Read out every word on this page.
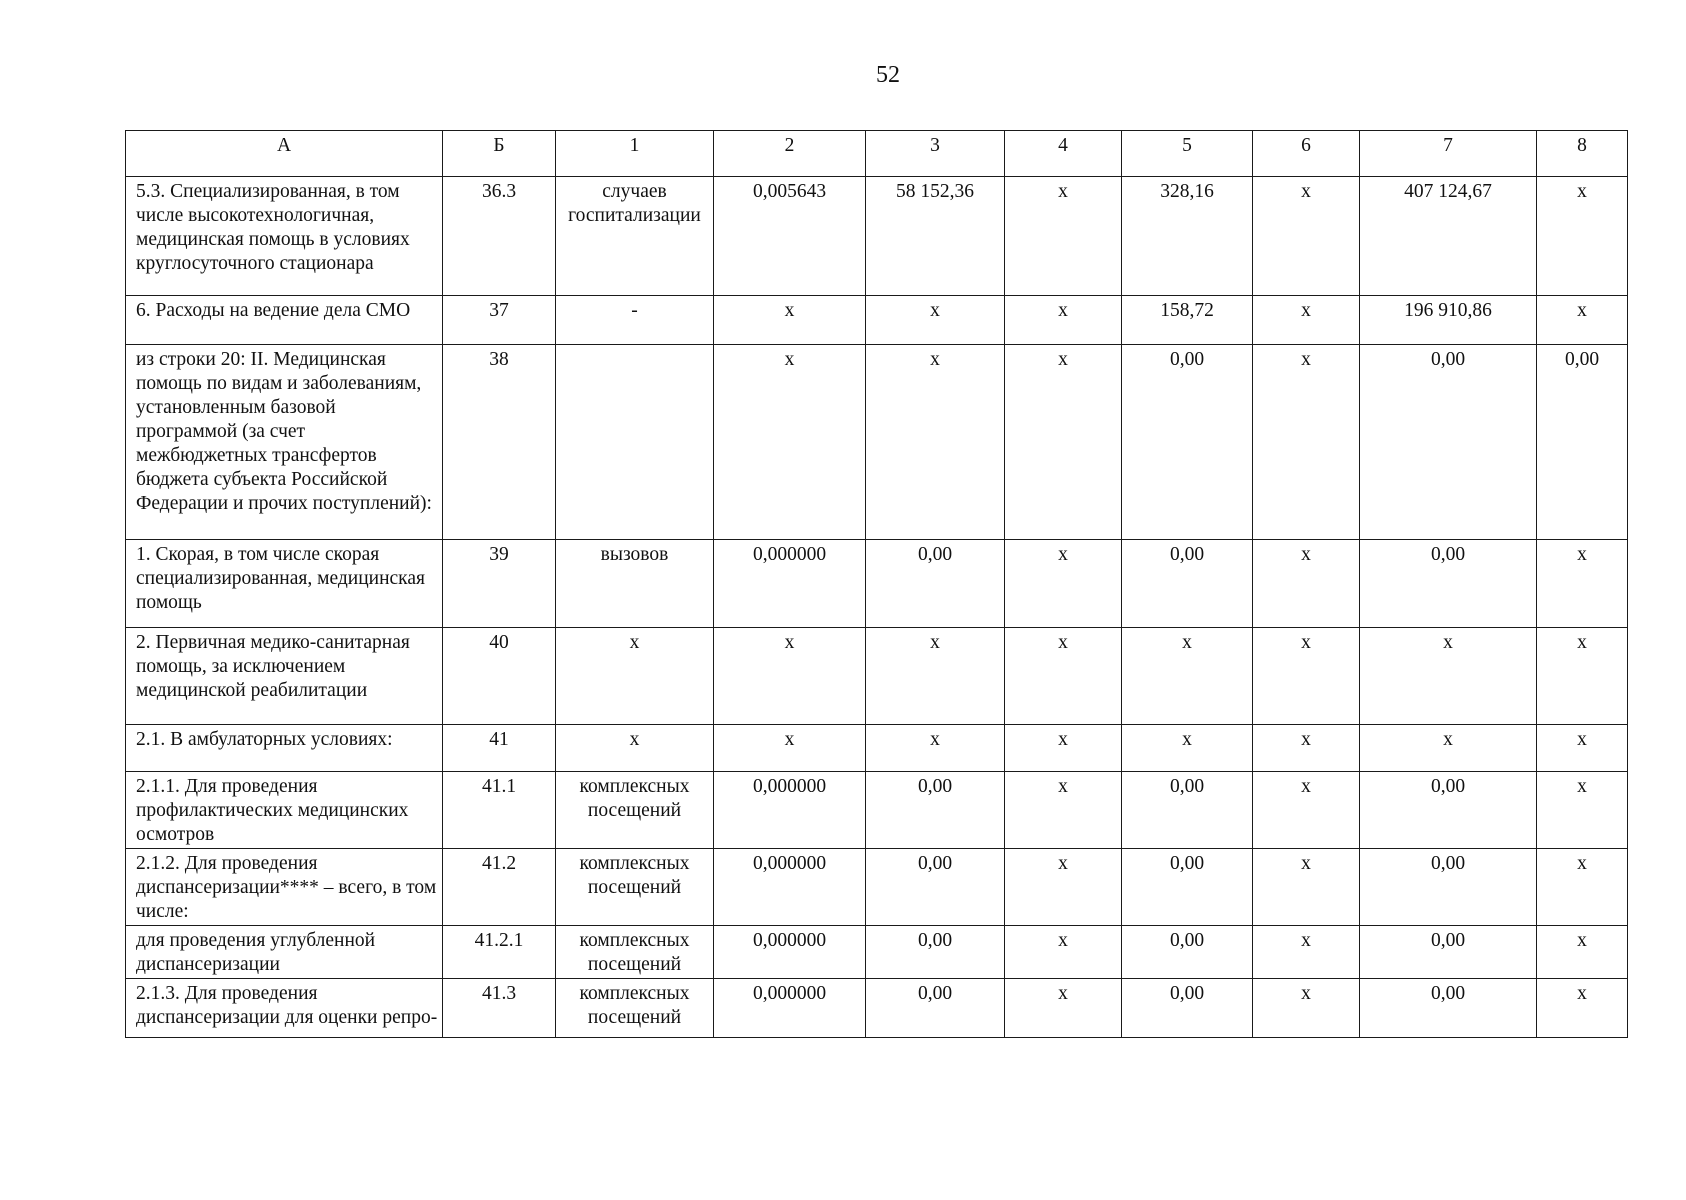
52
А	Б	1	2	3	4	5	6	7	8
5.3. Специализированная, в том числе высокотехнологичная, медицинская помощь в условиях круглосуточного стационара	36.3	случаев госпитализации	0,005643	58 152,36	х	328,16	х	407 124,67	х
6. Расходы на ведение дела СМО	37	-	х	х	х	158,72	х	196 910,86	х
из строки 20: II. Медицинская помощь по видам и заболеваниям, установленным базовой программой (за счет межбюджетных трансфертов бюджета субъекта Российской Федерации и прочих поступлений):	38		х	х	х	0,00	х	0,00	0,00
1. Скорая, в том числе скорая специализированная, медицинская помощь	39	вызовов	0,000000	0,00	х	0,00	х	0,00	х
2. Первичная медико-санитарная помощь, за исключением медицинской реабилитации	40	х	х	х	х	х	х	х	х
2.1. В амбулаторных условиях:	41	х	х	х	х	х	х	х	х
2.1.1. Для проведения профилактических медицинских осмотров	41.1	комплексных посещений	0,000000	0,00	х	0,00	х	0,00	х
2.1.2. Для проведения диспансеризации**** – всего, в том числе:	41.2	комплексных посещений	0,000000	0,00	х	0,00	х	0,00	х
для проведения углубленной диспансеризации	41.2.1	комплексных посещений	0,000000	0,00	х	0,00	х	0,00	х
2.1.3. Для проведения диспансеризации для оценки репро-	41.3	комплексных посещений	0,000000	0,00	х	0,00	х	0,00	х
